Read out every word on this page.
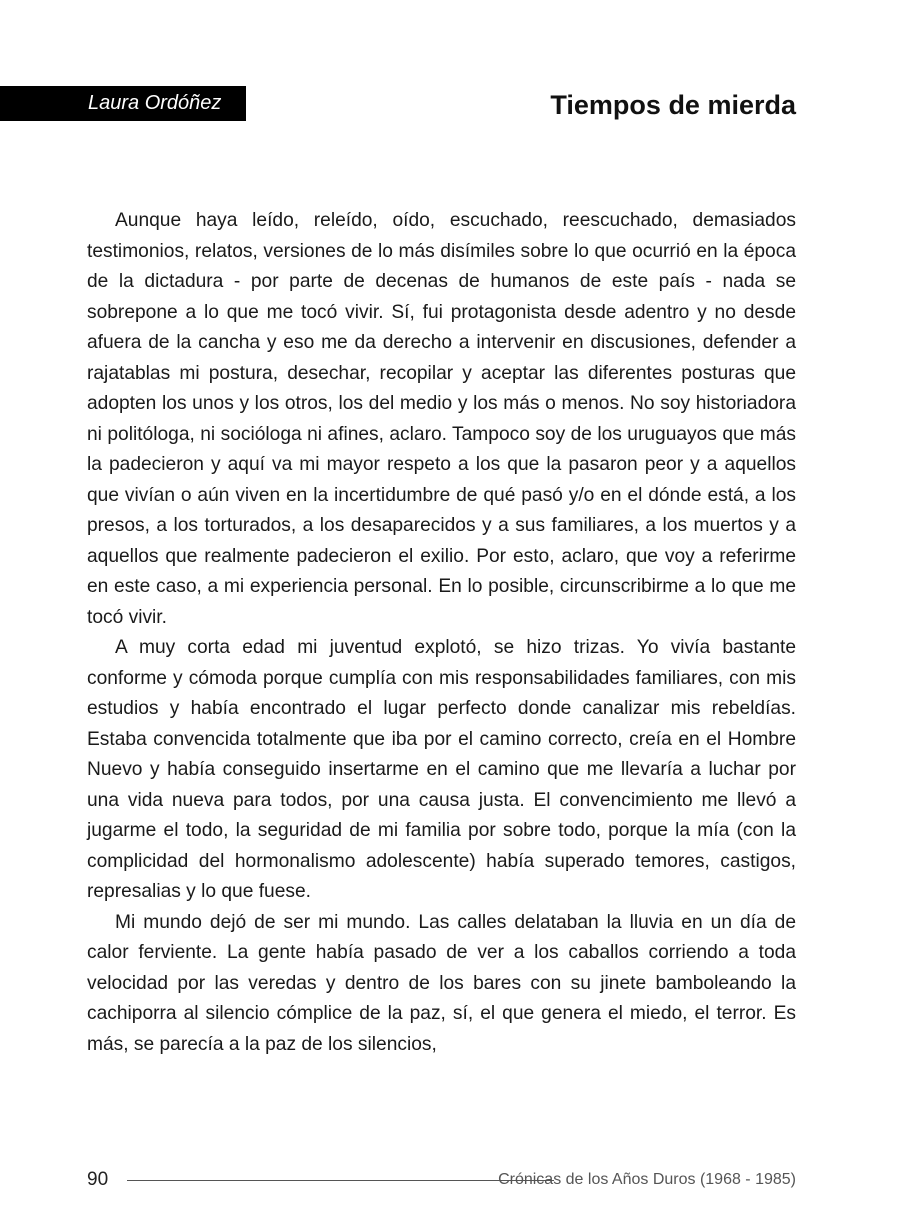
Laura Ordóñez	Tiempos de mierda

Aunque haya leído, releído, oído, escuchado, reescuchado, demasiados testimonios, relatos, versiones de lo más disímiles sobre lo que ocurrió en la época de la dictadura - por parte de decenas de humanos de este país - nada se sobrepone a lo que me tocó vivir. Sí, fui protagonista desde adentro y no desde afuera de la cancha y eso me da derecho a intervenir en discusiones, defender a rajatablas mi postura, desechar, recopilar y aceptar las diferentes posturas que adopten los unos y los otros, los del medio y los más o menos. No soy historiadora ni politóloga, ni socióloga ni afines, aclaro. Tampoco soy de los uruguayos que más la padecieron y aquí va mi mayor respeto a los que la pasaron peor y a aquellos que vivían o aún viven en la incertidumbre de qué pasó y/o en el dónde está, a los presos, a los torturados, a los desaparecidos y a sus familiares, a los muertos y a aquellos que realmente padecieron el exilio. Por esto, aclaro, que voy a referirme en este caso, a mi experiencia personal. En lo posible, circunscribirme a lo que me tocó vivir.

A muy corta edad mi juventud explotó, se hizo trizas. Yo vivía bastante conforme y cómoda porque cumplía con mis responsabilidades familiares, con mis estudios y había encontrado el lugar perfecto donde canalizar mis rebeldías. Estaba convencida totalmente que iba por el camino correcto, creía en el Hombre Nuevo y había conseguido insertarme en el camino que me llevaría a luchar por una vida nueva para todos, por una causa justa. El convencimiento me llevó a jugarme el todo, la seguridad de mi familia por sobre todo, porque la mía (con la complicidad del hormonalismo adolescente) había superado temores, castigos, represalias y lo que fuese.

Mi mundo dejó de ser mi mundo. Las calles delataban la lluvia en un día de calor ferviente. La gente había pasado de ver a los caballos corriendo a toda velocidad por las veredas y dentro de los bares con su jinete bamboleando la cachiporra al silencio cómplice de la paz, sí, el que genera el miedo, el terror. Es más, se parecía a la paz de los silencios,

90	Crónicas de los Años Duros (1968 - 1985)
